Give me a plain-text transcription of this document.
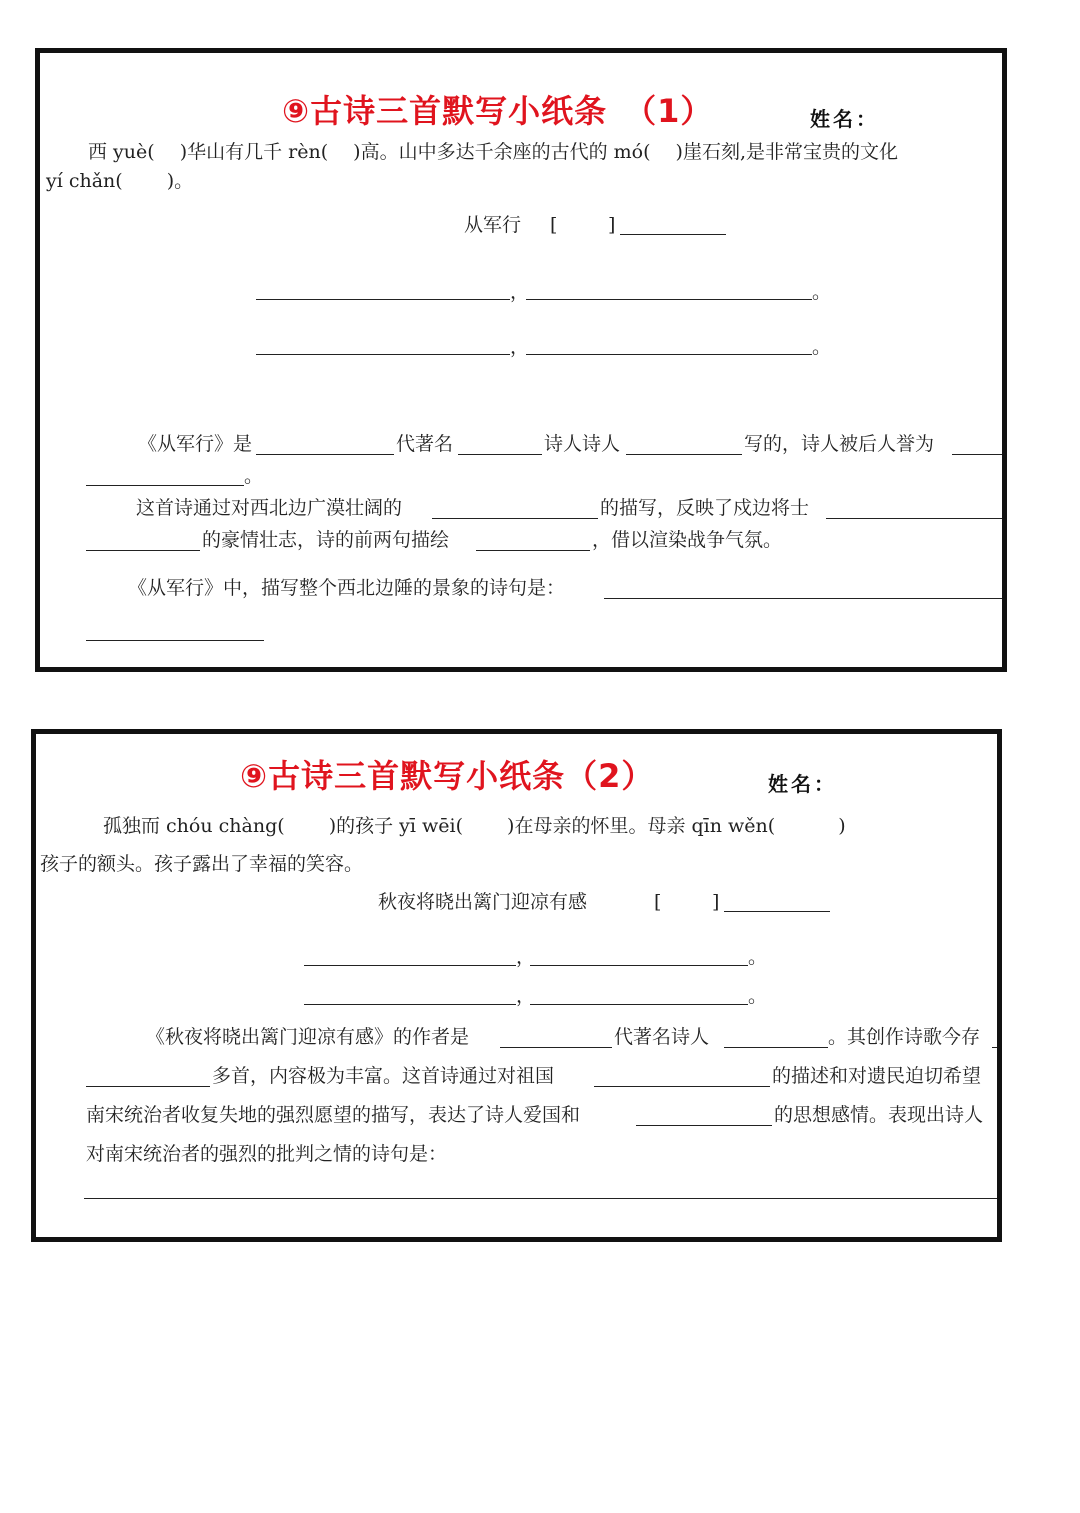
⑨古诗三首默写小纸条　（1）	姓名：
西 yuè(　 )华山有几千 rèn(　 )高。山中多达千余座的古代的 mó(　 )崖石刻,是非常宝贵的文化
yí chǎn(　　 )。
从军行 [	]
，	。
，	。
《从军行》是	代著名	诗人诗人	写的，诗人被后人誉为
。
这首诗通过对西北边广漠壮阔的	的描写，反映了戍边将士
的豪情壮志，诗的前两句描绘	，借以渲染战争气氛。
《从军行》中，描写整个西北边陲的景象的诗句是：
⑨古诗三首默写小纸条（2）	姓名：
孤独而 chóu chàng(　　 )的孩子 yī wēi(　　 )在母亲的怀里。母亲 qīn wěn(　　　 )
孩子的额头。孩子露出了幸福的笑容。
秋夜将晓出篱门迎凉有感	[	]
，	。
，	。
《秋夜将晓出篱门迎凉有感》的作者是	代著名诗人	。其创作诗歌今存
多首，内容极为丰富。这首诗通过对祖国	的描述和对遗民迫切希望
南宋统治者收复失地的强烈愿望的描写，表达了诗人爱国和	的思想感情。表现出诗人
对南宋统治者的强烈的批判之情的诗句是：
